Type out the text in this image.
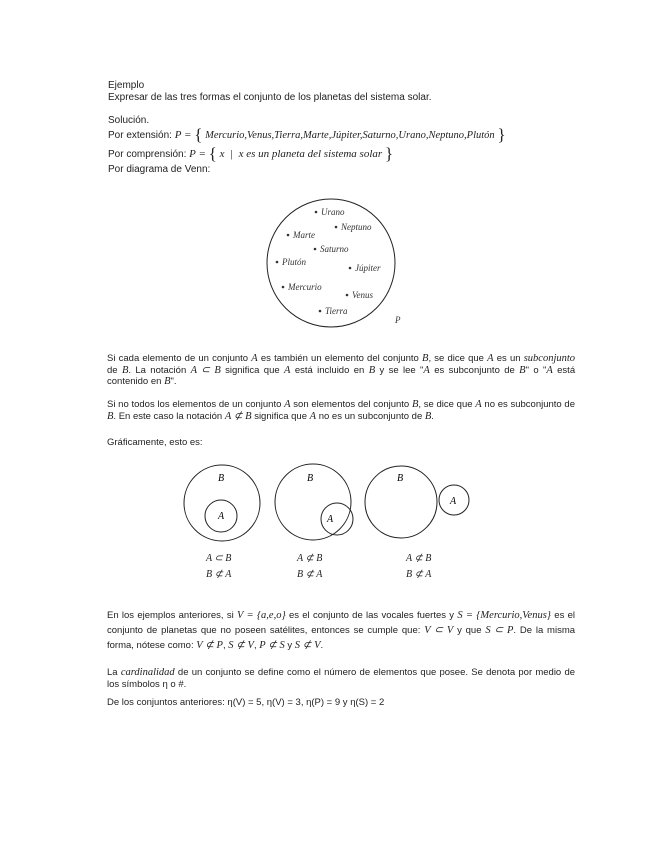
Ejemplo
Expresar de las tres formas el conjunto de los planetas del sistema solar.
Solución.
Por extensión: P = { Mercurio,Venus,Tierra,Marte,Júpiter,Saturno,Urano,Neptuno,Plutón }
Por comprensión: P = { x  |  x es un planeta del sistema solar }
Por diagrama de Venn:
Urano
Neptuno
Marte
Saturno
Plutón
Júpiter
Mercurio
Venus
Tierra
P
Si cada elemento de un conjunto A es también un elemento del conjunto B, se dice que A es un subconjunto de B. La notación A ⊂ B significa que A está incluido en B y se lee "A es subconjunto de B" o "A está contenido en B".
Si no todos los elementos de un conjunto A son elementos del conjunto B, se dice que A no es subconjunto de B. En este caso la notación A ⊄ B significa que A no es un subconjunto de B.
Gráficamente, esto es:
B
A
B
A
B
A
A ⊂ B
B ⊄ A
A ⊄ B
B ⊄ A
A ⊄ B
B ⊄ A
En los ejemplos anteriores, si V = {a,e,o} es el conjunto de las vocales fuertes y S = {Mercurio,Venus} es el conjunto de planetas que no poseen satélites, entonces se cumple que: V ⊂ V y que S ⊂ P. De la misma forma, nótese como: V ⊄ P, S ⊄ V, P ⊄ S y S ⊄ V.
La cardinalidad de un conjunto se define como el número de elementos que posee. Se denota por medio de los símbolos η o #.
De los conjuntos anteriores: η(V) = 5, η(V) = 3, η(P) = 9 y η(S) = 2
